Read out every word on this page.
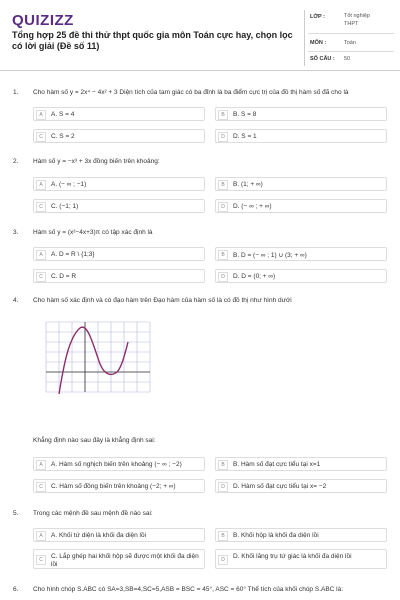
QUIZIZZ
Tổng hợp 25 đề thi thử thpt quốc gia môn Toán cực hay, chọn lọc có lời giải (Đề số 11)
LỚP :	Tốt nghiệp
THPT
MÔN :	Toán
SỐ CÂU : 50
1. Cho hàm số y = 2x⁴ − 4x² + 3 Diện tích của tam giác có ba đỉnh là ba điểm cực trị của đồ thị hàm số đã cho là
A	A. S = 4	B	B. S = 8
C	C. S = 2	D	D. S = 1
2. Hàm số y = −x³ + 3x đồng biến trên khoảng:
A	A. (− ∞ ; −1)	B	B. (1; + ∞)
C	C. (−1; 1)	D	D. (− ∞ ; + ∞)
3. Hàm số y = (x²−4x+3)π có tập xác định là
A	A. D = R \ {1;3}	B	B. D = (− ∞ ; 1) ∪ (3; + ∞)
C	C. D = R	D	D. D = (0; + ∞)
4. Cho hàm số xác định và có đạo hàm trên Đạo hàm của hàm số là có đồ thị như hình dưới
Khẳng định nào sau đây là khẳng định sai:
A	A. Hàm số nghịch biến trên khoảng (− ∞ ; −2)	B	B. Hàm số đạt cực tiểu tại x=1
C	C. Hàm số đồng biến trên khoảng (−2; + ∞)	D	D. Hàm số đạt cực tiểu tại x= −2
5. Trong các mệnh đề sau mệnh đề nào sai:
A	A. Khối tứ diện là khối đa diện lồi	B	B. Khối hộp là khối đa diện lồi
C	C. Lắp ghép hai khối hộp sẽ được một khối đa diện lồi
D	D. Khối lăng trụ tứ giác là khối đa diện lồi
6. Cho hình chóp S.ABC có SA=3,SB=4,SC=5,ASB = BSC = 45°, ASC = 60° Thể tích của khối chóp S.ABC là:
